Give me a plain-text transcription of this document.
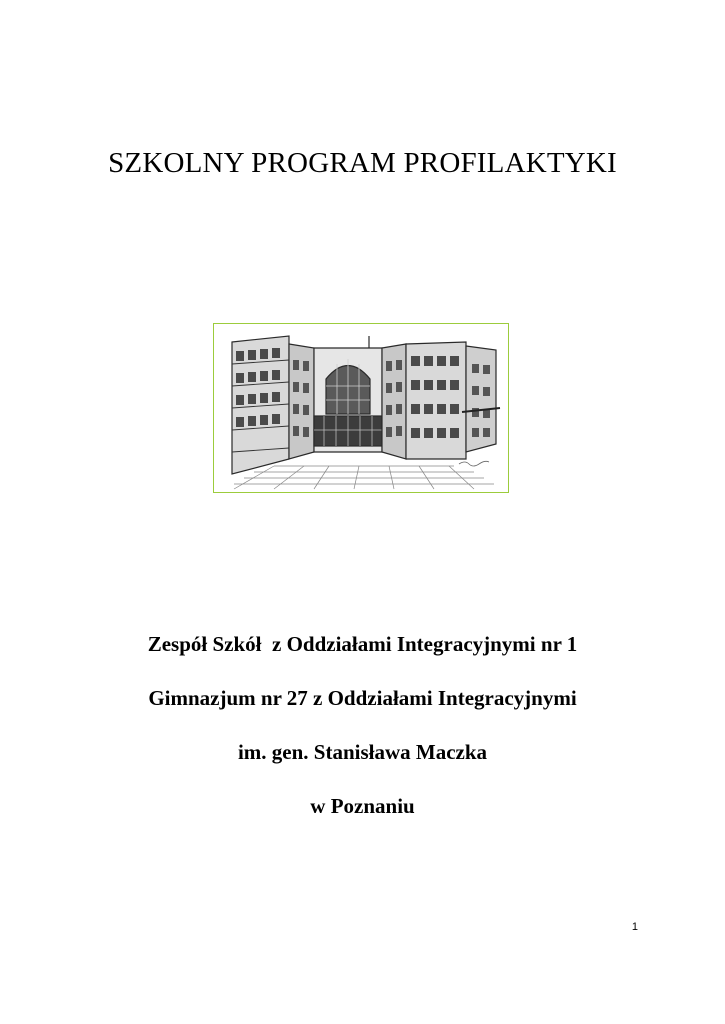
SZKOLNY PROGRAM PROFILAKTYKI

Zespół Szkół  z Oddziałami Integracyjnymi nr 1

Gimnazjum nr 27 z Oddziałami Integracyjnymi

im. gen. Stanisława Maczka

w Poznaniu

1
